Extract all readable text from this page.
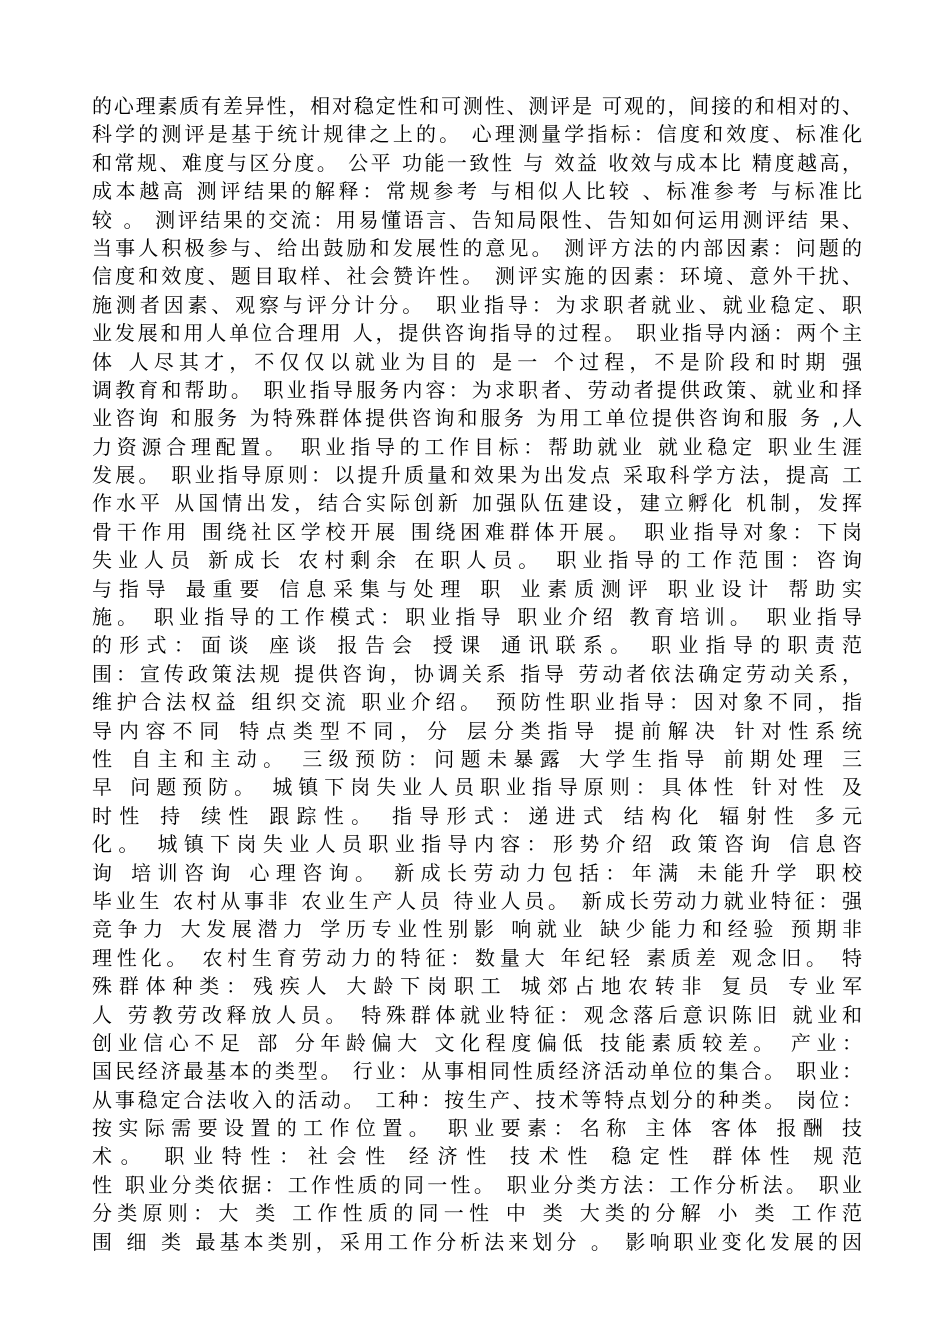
的心理素质有差异性，相对稳定性和可测性、测评是 可观的，间接的和相对的、
科学的测评是基于统计规律之上的。 心理测量学指标：信度和效度、标准化
和常规、难度与区分度。 公平 功能一致性 与 效益 收效与成本比 精度越高，
成本越高 测评结果的解释：常规参考 与相似人比较 、标准参考 与标准比
较 。 测评结果的交流：用易懂语言、告知局限性、告知如何运用测评结 果、
当事人积极参与、给出鼓励和发展性的意见。 测评方法的内部因素：问题的
信度和效度、题目取样、社会赞许性。 测评实施的因素：环境、意外干扰、
施测者因素、观察与评分计分。 职业指导：为求职者就业、就业稳定、职
业发展和用人单位合理用 人，提供咨询指导的过程。 职业指导内涵：两个主
体 人尽其才，不仅仅以就业为目的 是一 个过程，不是阶段和时期 强
调教育和帮助。 职业指导服务内容：为求职者、劳动者提供政策、就业和择
业咨询 和服务 为特殊群体提供咨询和服务 为用工单位提供咨询和服 务 ,人
力资源合理配置。 职业指导的工作目标：帮助就业 就业稳定 职业生涯
发展。 职业指导原则：以提升质量和效果为出发点 采取科学方法，提高 工
作水平 从国情出发，结合实际创新 加强队伍建设，建立孵化 机制，发挥
骨干作用 围绕社区学校开展 围绕困难群体开展。 职业指导对象：下岗
失业人员 新成长 农村剩余 在职人员。 职业指导的工作范围：咨询
与指导 最重要 信息采集与处理 职 业素质测评 职业设计 帮助实
施。 职业指导的工作模式：职业指导 职业介绍 教育培训。 职业指导
的形式：面谈 座谈 报告会 授课 通讯联系。 职业指导的职责范
围：宣传政策法规 提供咨询，协调关系 指导 劳动者依法确定劳动关系，
维护合法权益 组织交流 职业介绍。 预防性职业指导：因对象不同，指
导内容不同 特点类型不同，分 层分类指导 提前解决 针对性系统
性 自主和主动。 三级预防：问题未暴露 大学生指导 前期处理 三
早 问题预防。 城镇下岗失业人员职业指导原则：具体性 针对性 及
时性 持 续性 跟踪性。 指导形式：递进式 结构化 辐射性 多元
化。 城镇下岗失业人员职业指导内容：形势介绍 政策咨询 信息咨
询 培训咨询 心理咨询。 新成长劳动力包括：年满 未能升学 职校
毕业生 农村从事非 农业生产人员 待业人员。 新成长劳动力就业特征：强
竞争力 大发展潜力 学历专业性别影 响就业 缺少能力和经验 预期非
理性化。 农村生育劳动力的特征：数量大 年纪轻 素质差 观念旧。 特
殊群体种类：残疾人 大龄下岗职工 城郊占地农转非 复员 专业军
人 劳教劳改释放人员。 特殊群体就业特征：观念落后意识陈旧 就业和
创业信心不足 部 分年龄偏大 文化程度偏低 技能素质较差。 产业：
国民经济最基本的类型。 行业：从事相同性质经济活动单位的集合。 职业：
从事稳定合法收入的活动。 工种：按生产、技术等特点划分的种类。 岗位：
按实际需要设置的工作位置。 职业要素：名称 主体 客体 报酬 技
术。 职业特性：社会性 经济性 技术性 稳定性 群体性 规范
性 职业分类依据：工作性质的同一性。 职业分类方法：工作分析法。 职业
分类原则：大 类 工作性质的同一性 中 类 大类的分解 小 类 工作范
围 细 类 最基本类别，采用工作分析法来划分 。 影响职业变化发展的因
